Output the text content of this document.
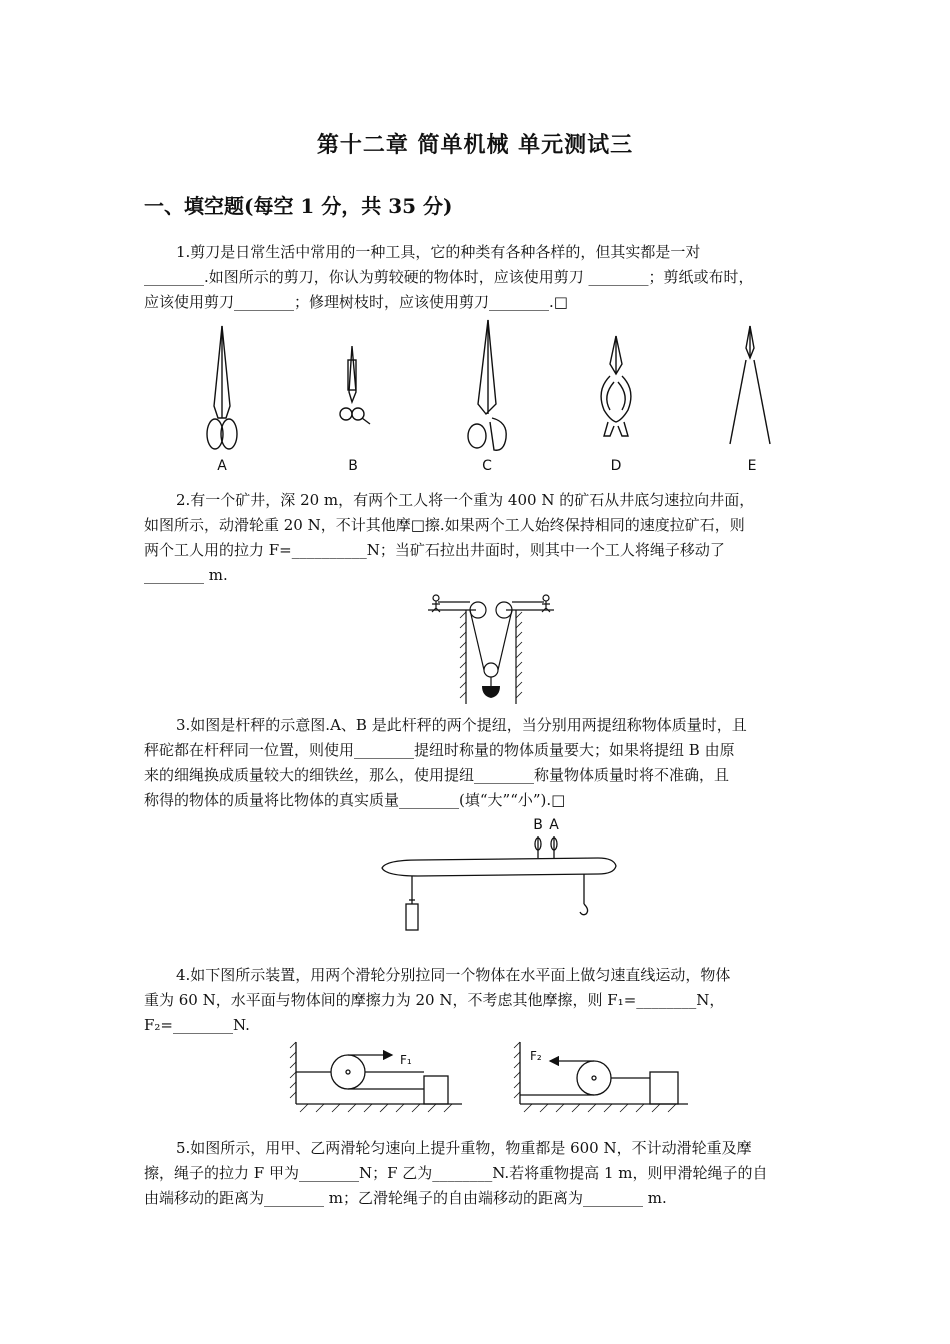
第十二章 简单机械 单元测试三
一、填空题(每空 1 分，共 35 分)
1.剪刀是日常生活中常用的一种工具，它的种类有各种各样的，但其实都是一对
________.如图所示的剪刀，你认为剪较硬的物体时，应该使用剪刀 ________；剪纸或布时，
应该使用剪刀________；修理树枝时，应该使用剪刀________.□
A	B	C	D	E
2.有一个矿井，深 20 m，有两个工人将一个重为 400 N 的矿石从井底匀速拉向井面，
如图所示，动滑轮重 20 N，不计其他摩□擦.如果两个工人始终保持相同的速度拉矿石，则
两个工人用的拉力 F=__________N；当矿石拉出井面时，则其中一个工人将绳子移动了
________ m.
3.如图是杆秤的示意图.A、B 是此杆秤的两个提纽，当分别用两提纽称物体质量时，且
秤砣都在杆秤同一位置，则使用________提纽时称量的物体质量要大；如果将提纽 B 由原
来的细绳换成质量较大的细铁丝，那么，使用提纽________称量物体质量时将不准确，且
称得的物体的质量将比物体的真实质量________(填“大”“小”).□
B A
4.如下图所示装置，用两个滑轮分别拉同一个物体在水平面上做匀速直线运动，物体
重为 60 N，水平面与物体间的摩擦力为 20 N，不考虑其他摩擦，则 F₁=________N，
F₂=________N.
F₁	F₂
5.如图所示，用甲、乙两滑轮匀速向上提升重物，物重都是 600 N，不计动滑轮重及摩
擦，绳子的拉力 F 甲为________N；F 乙为________N.若将重物提高 1 m，则甲滑轮绳子的自
由端移动的距离为________ m；乙滑轮绳子的自由端移动的距离为________ m.
